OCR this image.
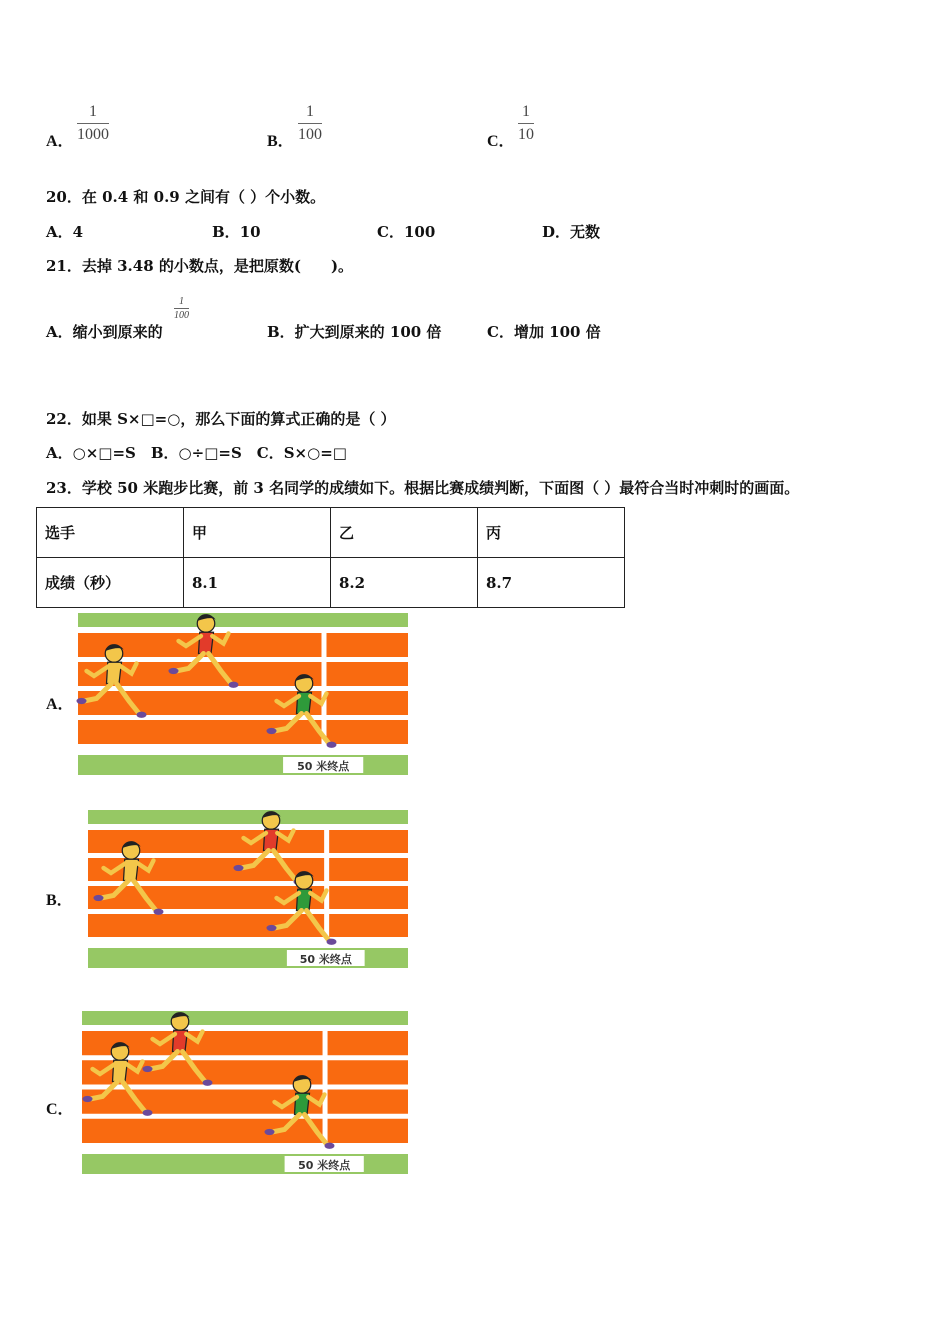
A．
1
1000	B．
1
100	C．
1
10
20．在 0.4 和 0.9 之间有（ ）个小数。
A．4	B．10	C．100	D．无数
21．去掉 3.48 的小数点，是把原数(　　)。
A．缩小到原来的
1
100
B．扩大到原来的 100 倍	C．增加 100 倍
22．如果 S×□=○，那么下面的算式正确的是（ ）
A．○×□=S　B．○÷□=S　C．S×○=□
23．学校 50 米跑步比赛，前 3 名同学的成绩如下。根据比赛成绩判断，下面图（ ）最符合当时冲刺时的画面。
选手	甲	乙	丙
成绩（秒）	8.1	8.2	8.7
A．
50 米终点
B．
50 米终点
C．
50 米终点
